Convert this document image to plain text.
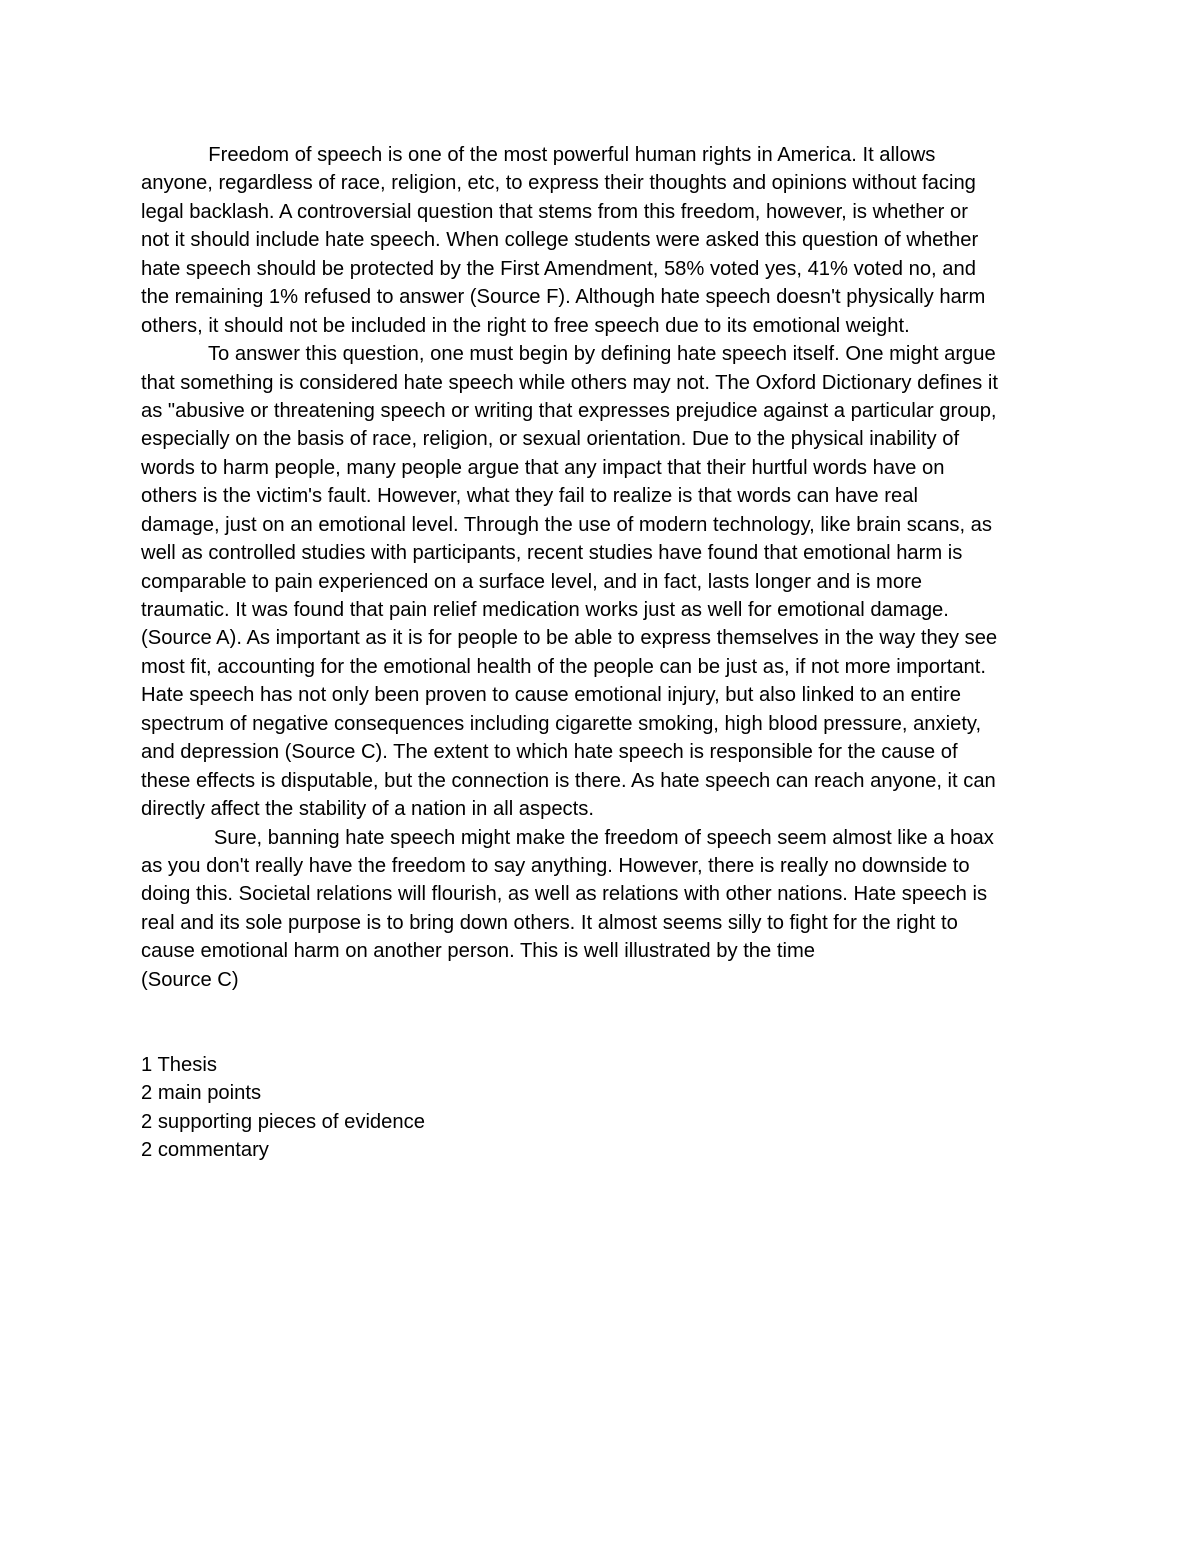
Freedom of speech is one of the most powerful human rights in America. It allows
anyone, regardless of race, religion, etc, to express their thoughts and opinions without facing
legal backlash. A controversial question that stems from this freedom, however, is whether or
not it should include hate speech. When college students were asked this question of whether
hate speech should be protected by the First Amendment, 58% voted yes, 41% voted no, and
the remaining 1% refused to answer (Source F). Although hate speech doesn't physically harm
others, it should not be included in the right to free speech due to its emotional weight.
To answer this question, one must begin by defining hate speech itself. One might argue
that something is considered hate speech while others may not. The Oxford Dictionary defines it
as "abusive or threatening speech or writing that expresses prejudice against a particular group,
especially on the basis of race, religion, or sexual orientation. Due to the physical inability of
words to harm people, many people argue that any impact that their hurtful words have on
others is the victim's fault. However, what they fail to realize is that words can have real
damage, just on an emotional level. Through the use of modern technology, like brain scans, as
well as controlled studies with participants, recent studies have found that emotional harm is
comparable to pain experienced on a surface level, and in fact, lasts longer and is more
traumatic. It was found that pain relief medication works just as well for emotional damage.
(Source A). As important as it is for people to be able to express themselves in the way they see
most fit, accounting for the emotional health of the people can be just as, if not more important.
Hate speech has not only been proven to cause emotional injury, but also linked to an entire
spectrum of negative consequences including cigarette smoking, high blood pressure, anxiety,
and depression (Source C). The extent to which hate speech is responsible for the cause of
these effects is disputable, but the connection is there. As hate speech can reach anyone, it can
directly affect the stability of a nation in all aspects.
Sure, banning hate speech might make the freedom of speech seem almost like a hoax
as you don't really have the freedom to say anything. However, there is really no downside to
doing this. Societal relations will flourish, as well as relations with other nations. Hate speech is
real and its sole purpose is to bring down others. It almost seems silly to fight for the right to
cause emotional harm on another person. This is well illustrated by the time
(Source C)
1 Thesis
2 main points
2 supporting pieces of evidence
2 commentary
